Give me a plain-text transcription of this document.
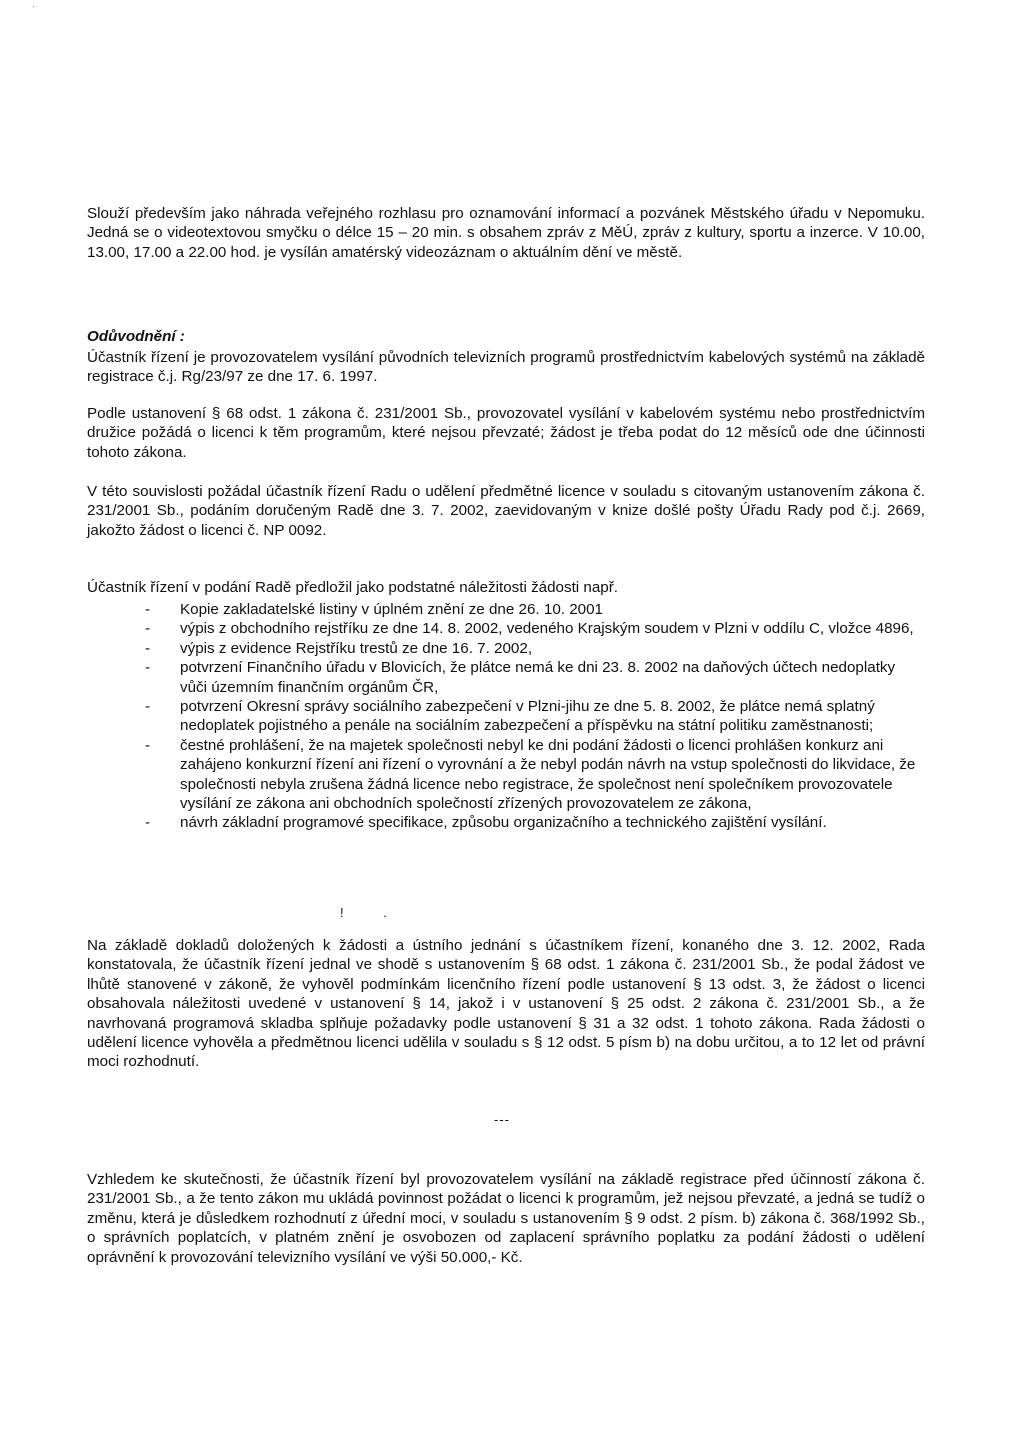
·

Slouží především jako náhrada veřejného rozhlasu pro oznamování informací a pozvánek Městského úřadu v Nepomuku. Jedná se o videotextovou smyčku o délce 15 – 20 min. s obsahem zpráv z MěÚ, zpráv z kultury, sportu a inzerce. V 10.00, 13.00, 17.00 a 22.00 hod. je vysílán amatérský videozáznam o aktuálním dění ve městě.

Odůvodnění :

Účastník řízení je provozovatelem vysílání původních televizních programů prostřednictvím kabelových systémů na základě registrace č.j. Rg/23/97 ze dne 17. 6. 1997.

Podle ustanovení § 68 odst. 1 zákona č. 231/2001 Sb., provozovatel vysílání v kabelovém systému nebo prostřednictvím družice požádá o licenci k těm programům, které nejsou převzaté; žádost je třeba podat do 12 měsíců ode dne účinnosti tohoto zákona.

V této souvislosti požádal účastník řízení Radu o udělení předmětné licence v souladu s citovaným ustanovením zákona č. 231/2001 Sb., podáním doručeným Radě dne 3. 7. 2002, zaevidovaným v knize došlé pošty Úřadu Rady pod č.j. 2669, jakožto žádost o licenci č. NP 0092.

Účastník řízení v podání Radě předložil jako podstatné náležitosti žádosti např.

- Kopie zakladatelské listiny v úplném znění ze dne 26. 10. 2001
- výpis z obchodního rejstříku ze dne 14. 8. 2002, vedeného Krajským soudem v Plzni v oddílu C, vložce 4896,
- výpis z evidence Rejstříku trestů ze dne 16. 7. 2002,
- potvrzení Finančního úřadu v Blovicích, že plátce nemá ke dni 23. 8. 2002 na daňových účtech nedoplatky vůči územním finančním orgánům ČR,
- potvrzení Okresní správy sociálního zabezpečení v Plzni-jihu ze dne 5. 8. 2002, že plátce nemá splatný nedoplatek pojistného a penále na sociálním zabezpečení a příspěvku na státní politiku zaměstnanosti;
- čestné prohlášení, že na majetek společnosti nebyl ke dni podání žádosti o licenci prohlášen konkurz ani zahájeno konkurzní řízení ani řízení o vyrovnání a že nebyl podán návrh na vstup společnosti do likvidace, že společnosti nebyla zrušena žádná licence nebo registrace, že společnost není společníkem provozovatele vysílání ze zákona ani obchodních společností zřízených provozovatelem ze zákona,
- návrh základní programové specifikace, způsobu organizačního a technického zajištění vysílání.
! .

Na základě dokladů doložených k žádosti a ústního jednání s účastníkem řízení, konaného dne 3. 12. 2002, Rada konstatovala, že účastník řízení jednal ve shodě s ustanovením § 68 odst. 1 zákona č. 231/2001 Sb., že podal žádost ve lhůtě stanovené v zákoně, že vyhověl podmínkám licenčního řízení podle ustanovení § 13 odst. 3, že žádost o licenci obsahovala náležitosti uvedené v ustanovení § 14, jakož i v ustanovení § 25 odst. 2 zákona č. 231/2001 Sb., a že navrhovaná programová skladba splňuje požadavky podle ustanovení § 31 a 32 odst. 1 tohoto zákona. Rada žádosti o udělení licence vyhověla a předmětnou licenci udělila v souladu s § 12 odst. 5 písm b) na dobu určitou, a to 12 let od právní moci rozhodnutí.

---

Vzhledem ke skutečnosti, že účastník řízení byl provozovatelem vysílání na základě registrace před účinností zákona č. 231/2001 Sb., a že tento zákon mu ukládá povinnost požádat o licenci k programům, jež nejsou převzaté, a jedná se tudíž o změnu, která je důsledkem rozhodnutí z úřední moci, v souladu s ustanovením § 9 odst. 2 písm. b) zákona č. 368/1992 Sb., o správních poplatcích, v platném znění je osvobozen od zaplacení správního poplatku za podání žádosti o udělení oprávnění k provozování televizního vysílání ve výši 50.000,- Kč.
